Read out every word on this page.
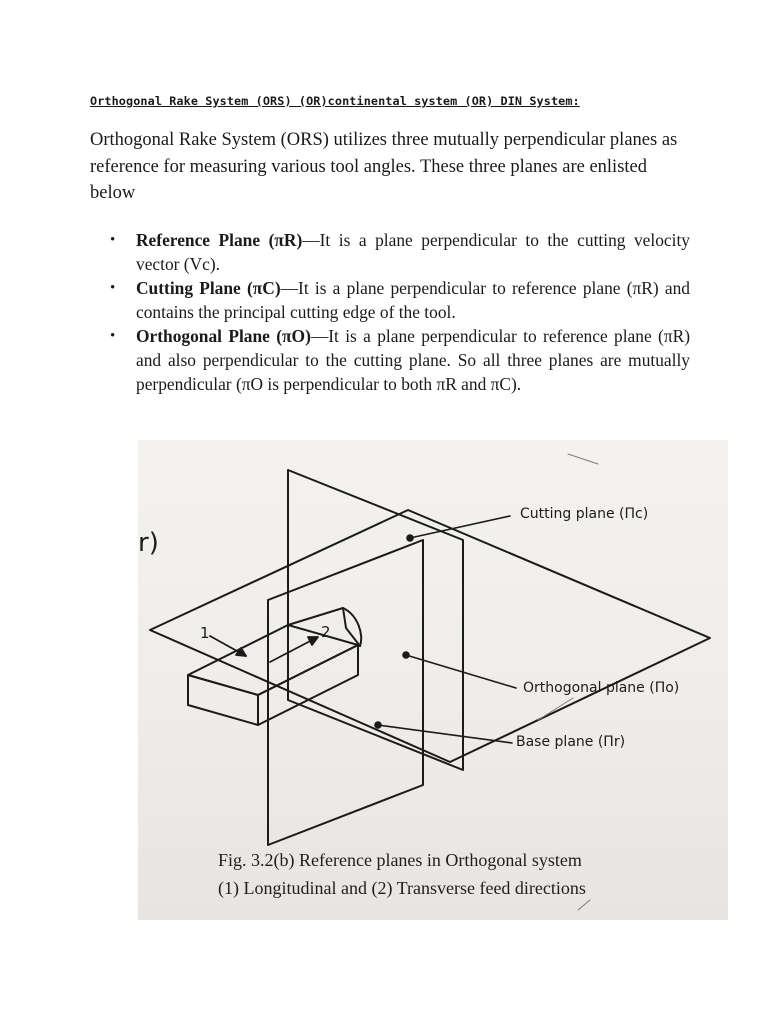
Orthogonal Rake System (ORS) (OR)continental system (OR) DIN System:
Orthogonal Rake System (ORS) utilizes three mutually perpendicular planes as reference for measuring various tool angles. These three planes are enlisted below
• Reference Plane (πR)—It is a plane perpendicular to the cutting velocity vector (Vc).
• Cutting Plane (πC)—It is a plane perpendicular to reference plane (πR) and contains the principal cutting edge of the tool.
• Orthogonal Plane (πO)—It is a plane perpendicular to reference plane (πR) and also perpendicular to the cutting plane. So all three planes are mutually perpendicular (πO is perpendicular to both πR and πC).
Cutting plane (Πc)
Orthogonal plane (Πo)
Base plane (Πr)
1	2
r)
Fig. 3.2(b) Reference planes in Orthogonal system
(1) Longitudinal and (2) Transverse feed directions
